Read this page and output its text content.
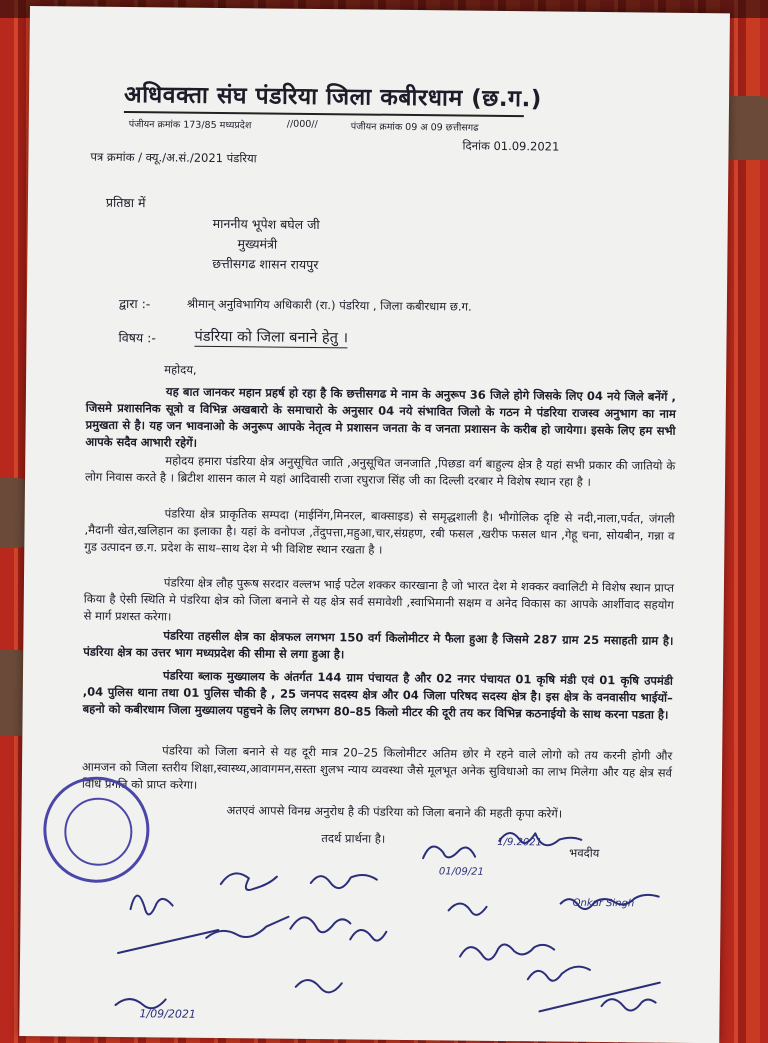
अधिवक्ता संघ पंडरिया जिला कबीरधाम (छ.ग.)
पंजीयन क्रमांक 173/85 मध्यप्रदेश	//000//	पंजीयन क्रमांक 09 अ 09 छत्तीसगढ
दिनांक 01.09.2021
पत्र क्रमांक / क्यू./अ.सं./2021 पंडरिया
प्रतिष्ठा में
माननीय भूपेश बघेल जी
मुख्यमंत्री
छत्तीसगढ शासन रायपुर
द्वारा :-	श्रीमान् अनुविभागिय अधिकारी (रा.) पंडरिया , जिला कबीरधाम छ.ग.
विषय :-	पंडरिया को जिला बनाने हेतु ।
महोदय,
यह बात जानकर महान प्रहर्ष हो रहा है कि छत्तीसगढ मे नाम के अनुरूप 36 जिले होगे जिसके लिए 04 नये जिले बनेंगें , जिसमे प्रशासनिक सूत्रो व विभिन्न अखबारो के समाचारो के अनुसार 04 नये संभावित जिलो के गठन मे पंडरिया राजस्व अनुभाग का नाम प्रमुखता से है। यह जन भावनाओ के अनुरूप आपके नेतृत्व मे प्रशासन जनता के व जनता प्रशासन के करीब हो जायेगा। इसके लिए हम सभी आपके सदैव आभारी रहेगें।
महोदय हमारा पंडरिया क्षेत्र अनुसूचित जाति ,अनुसूचित जनजाति ,पिछडा वर्ग बाहुल्य क्षेत्र है यहां सभी प्रकार की जातियो के लोग निवास करते है । ब्रिटीश शासन काल मे यहां आदिवासी राजा रघुराज सिंह जी का दिल्ली दरबार मे विशेष स्थान रहा है ।
पंडरिया क्षेत्र प्राकृतिक सम्पदा (माईनिंग,मिनरल, बाक्साइड) से समृद्धशाली है। भौगोलिक दृष्टि से नदी,नाला,पर्वत, जंगली ,मैदानी खेत,खलिहान का इलाका है। यहां के वनोपज ,तेंदुपत्ता,महुआ,चार,संग्रहण, रबी फसल ,खरीफ फसल धान ,गेहू चना, सोयबीन, गन्ना व गुड उत्पादन छ.ग. प्रदेश के साथ–साथ देश मे भी विशिष्ट स्थान रखता है ।
पंडरिया क्षेत्र लौह पुरूष सरदार वल्लभ भाई पटेल शक्कर कारखाना है जो भारत देश मे शक्कर क्वालिटी मे विशेष स्थान प्राप्त किया है ऐसी स्थिति मे पंडरिया क्षेत्र को जिला बनाने से यह क्षेत्र सर्व समावेशी ,स्वाभिमानी सक्षम व अनेद विकास का आपके आर्शीवाद सहयोग से मार्ग प्रशस्त करेगा।
पंडरिया तहसील क्षेत्र का क्षेत्रफल लगभग 150 वर्ग किलोमीटर मे फैला हुआ है जिसमे 287 ग्राम 25 मसाहती ग्राम है। पंडरिया क्षेत्र का उत्तर भाग मध्यप्रदेश की सीमा से लगा हुआ है।
पंडरिया ब्लाक मुख्यालय के अंतर्गत 144 ग्राम पंचायत है और 02 नगर पंचायत 01 कृषि मंडी एवं 01 कृषि उपमंडी ,04 पुलिस थाना तथा 01 पुलिस चौकी है , 25 जनपद सदस्य क्षेत्र और 04 जिला परिषद सदस्य क्षेत्र है। इस क्षेत्र के वनवासीय भाईयों–बहनो को कबीरधाम जिला मुख्यालय पहुचने के लिए लगभग 80–85 किलो मीटर की दूरी तय कर विभिन्न कठनाईयो के साथ करना पडता है।
पंडरिया को जिला बनाने से यह दूरी मात्र 20–25 किलोमीटर अतिम छोर मे रहने वाले लोगो को तय करनी होगी और आमजन को जिला स्तरीय शिक्षा,स्वास्थ्य,आवागमन,सस्ता शुलभ न्याय व्यवस्था जैसे मूलभूत अनेक सुविधाओ का लाभ मिलेगा और यह क्षेत्र सर्व विधि प्रगति को प्राप्त करेगा।
अतएवं आपसे विनम्र अनुरोध है की पंडरिया को जिला बनाने की महती कृपा करेगें।
तदर्थ प्रार्थना है।
भवदीय
1/9.2021
01/09/21
Onkar Singh
1/09/2021
